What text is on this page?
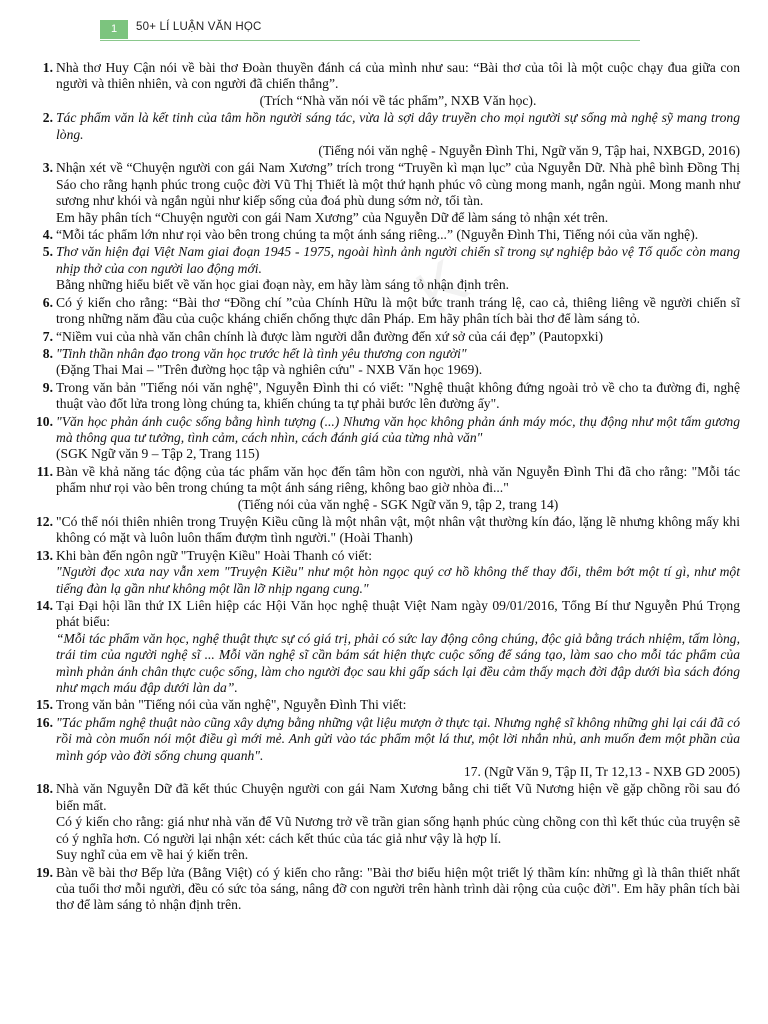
1	50+ LÍ LUẬN VĂN HỌC
K
1. Nhà thơ Huy Cận nói về bài thơ Đoàn thuyền đánh cá của mình như sau: “Bài thơ của tôi là một cuộc chạy đua giữa con người và thiên nhiên, và con người đã chiến thắng”.

(Trích “Nhà văn nói về tác phẩm”, NXB Văn học).

2. Tác phẩm văn là kết tinh của tâm hồn người sáng tác, vừa là sợi dây truyền cho mọi người sự sống mà nghệ sỹ mang trong lòng.

(Tiếng nói văn nghệ - Nguyễn Đình Thi, Ngữ văn 9, Tập hai, NXBGD, 2016)

3. Nhận xét về “Chuyện người con gái Nam Xương” trích trong “Truyền kì mạn lục” của Nguyễn Dữ. Nhà phê bình Đồng Thị Sáo cho rằng hạnh phúc trong cuộc đời Vũ Thị Thiết là một thứ hạnh phúc vô cùng mong manh, ngắn ngủi. Mong manh như sương như khói và ngắn ngủi như kiếp sống của đoá phù dung sớm nở, tối tàn.

Em hãy phân tích “Chuyện người con gái Nam Xương” của Nguyễn Dữ để làm sáng tỏ nhận xét trên.

4. “Mỗi tác phẩm lớn như rọi vào bên trong chúng ta một ánh sáng riêng...” (Nguyễn Đình Thi, Tiếng nói của văn nghệ).

5. Thơ văn hiện đại Việt Nam giai đoạn 1945 - 1975, ngoài hình ảnh người chiến sĩ trong sự nghiệp bảo vệ Tổ quốc còn mang nhịp thở của con người lao động mới.

Bằng những hiểu biết về văn học giai đoạn này, em hãy làm sáng tỏ nhận định trên.

6. Có ý kiến cho rằng: “Bài thơ “Đồng chí ”của Chính Hữu là một bức tranh tráng lệ, cao cả, thiêng liêng về người chiến sĩ trong những năm đầu của cuộc kháng chiến chống thực dân Pháp. Em hãy phân tích bài thơ để làm sáng tỏ.

7. “Niềm vui của nhà văn chân chính là được làm người dẫn đường đến xứ sở của cái đẹp” (Pautopxki)

8. "Tinh thần nhân đạo trong văn học trước hết là tình yêu thương con người"

(Đặng Thai Mai – "Trên đường học tập và nghiên cứu" - NXB Văn học 1969).

9. Trong văn bản "Tiếng nói văn nghệ", Nguyễn Đình thi có viết: "Nghệ thuật không đứng ngoài trỏ về cho ta đường đi, nghệ thuật vào đốt lửa trong lòng chúng ta, khiến chúng ta tự phải bước lên đường ấy".

10. "Văn học phản ánh cuộc sống bằng hình tượng (...) Nhưng văn học không phản ánh máy móc, thụ động như một tấm gương mà thông qua tư tưởng, tình cảm, cách nhìn, cách đánh giá của từng nhà văn"

(SGK Ngữ văn 9 – Tập 2, Trang 115)

11. Bàn về khả năng tác động của tác phẩm văn học đến tâm hồn con người, nhà văn Nguyễn Đình Thi đã cho rằng: "Mỗi tác phẩm như rọi vào bên trong chúng ta một ánh sáng riêng, không bao giờ nhòa đi..."

(Tiếng nói của văn nghệ - SGK Ngữ văn 9, tập 2, trang 14)

12. "Có thể nói thiên nhiên trong Truyện Kiều cũng là một nhân vật, một nhân vật thường kín đáo, lặng lẽ nhưng không mấy khi không có mặt và luôn luôn thấm đượm tình người." (Hoài Thanh)

13. Khi bàn đến ngôn ngữ "Truyện Kiều" Hoài Thanh có viết:

"Người đọc xưa nay vẫn xem "Truyện Kiều" như một hòn ngọc quý cơ hồ không thể thay đổi, thêm bớt một tí gì, như một tiếng đàn lạ gần như không một lần lỡ nhịp ngang cung."

14. Tại Đại hội lần thứ IX Liên hiệp các Hội Văn học nghệ thuật Việt Nam ngày 09/01/2016, Tổng Bí thư Nguyễn Phú Trọng phát biểu:

“Mỗi tác phẩm văn học, nghệ thuật thực sự có giá trị, phải có sức lay động công chúng, độc giả bằng trách nhiệm, tấm lòng, trái tim của người nghệ sĩ ... Mỗi văn nghệ sĩ cần bám sát hiện thực cuộc sống để sáng tạo, làm sao cho mỗi tác phẩm của mình phản ánh chân thực cuộc sống, làm cho người đọc sau khi gấp sách lại đều cảm thấy mạch đời đập dưới bìa sách đóng như mạch máu đập dưới làn da”.

15. Trong văn bản "Tiếng nói của văn nghệ", Nguyễn Đình Thi viết:

16. "Tác phẩm nghệ thuật nào cũng xây dựng bằng những vật liệu mượn ở thực tại. Nhưng nghệ sĩ không những ghi lại cái đã có rồi mà còn muốn nói một điều gì mới mẻ. Anh gửi vào tác phẩm một lá thư, một lời nhắn nhủ, anh muốn đem một phần của mình góp vào đời sống chung quanh".

17. (Ngữ Văn 9, Tập II, Tr 12,13 - NXB GD 2005)

18. Nhà văn Nguyễn Dữ đã kết thúc Chuyện người con gái Nam Xương bằng chi tiết Vũ Nương hiện về gặp chồng rồi sau đó biến mất.

Có ý kiến cho rằng: giá như nhà văn để Vũ Nương trở về trần gian sống hạnh phúc cùng chồng con thì kết thúc của truyện sẽ có ý nghĩa hơn. Có người lại nhận xét: cách kết thúc của tác giả như vậy là hợp lí.

Suy nghĩ của em về hai ý kiến trên.

19. Bàn về bài thơ Bếp lửa (Bằng Việt) có ý kiến cho rằng: "Bài thơ biểu hiện một triết lý thầm kín: những gì là thân thiết nhất của tuổi thơ mỗi người, đều có sức tỏa sáng, nâng đỡ con người trên hành trình dài rộng của cuộc đời". Em hãy phân tích bài thơ để làm sáng tỏ nhận định trên.
